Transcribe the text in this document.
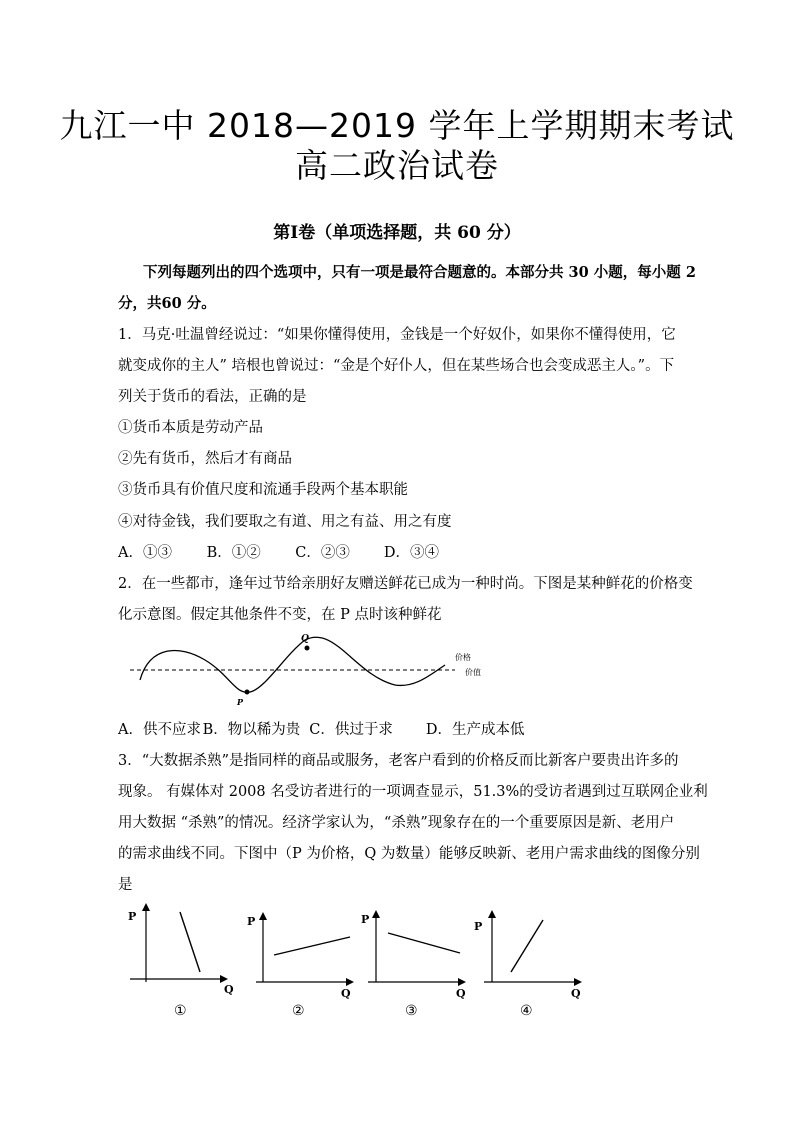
九江一中 2018—2019 学年上学期期末考试
高二政治试卷
第Ⅰ卷（单项选择题，共 60 分）
下列每题列出的四个选项中，只有一项是最符合题意的。本部分共 30 小题，每小题 2
分，共60 分。
1．马克·吐温曾经说过：“如果你懂得使用，金钱是一个好奴仆，如果你不懂得使用，它
就变成你的主人” 培根也曾说过：“金是个好仆人，但在某些场合也会变成恶主人。”。下
列关于货币的看法，正确的是
①货币本质是劳动产品
②先有货币，然后才有商品
③货币具有价值尺度和流通手段两个基本职能
④对待金钱，我们要取之有道、用之有益、用之有度
A．①③ B．①② C．②③ D．③④
2．在一些都市，逢年过节给亲朋好友赠送鲜花已成为一种时尚。下图是某种鲜花的价格变
化示意图。假定其他条件不变，在 P 点时该种鲜花
Q
P
价格
价值
A．供不应求 B．物以稀为贵 C．供过于求 D．生产成本低
3．“大数据杀熟”是指同样的商品或服务，老客户看到的价格反而比新客户要贵出许多的
现象。 有媒体对 2008 名受访者进行的一项调查显示，51.3%的受访者遇到过互联网企业利
用大数据 “杀熟”的情况。经济学家认为，“杀熟”现象存在的一个重要原因是新、老用户
的需求曲线不同。下图中（P 为价格，Q 为数量）能够反映新、老用户需求曲线的图像分别
是
P
Q
①
P
Q
②
P
Q
③
P
Q
④
